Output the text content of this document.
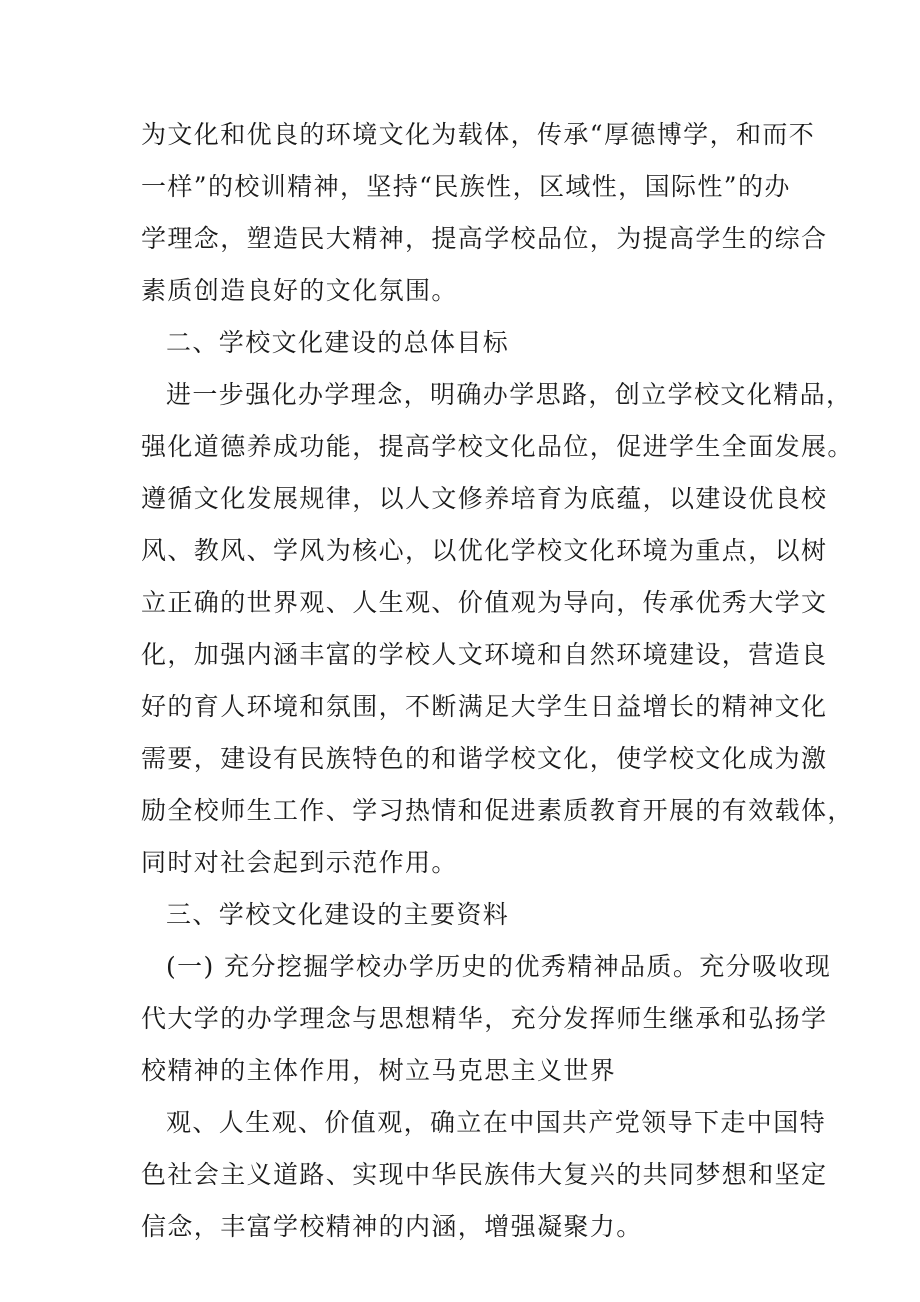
为文化和优良的环境文化为载体，传承“厚德博学，和而不
一样”的校训精神，坚持“民族性，区域性，国际性”的办
学理念，塑造民大精神，提高学校品位，为提高学生的综合
素质创造良好的文化氛围。
二、学校文化建设的总体目标
进一步强化办学理念，明确办学思路，创立学校文化精品，
强化道德养成功能，提高学校文化品位，促进学生全面发展。
遵循文化发展规律，以人文修养培育为底蕴，以建设优良校
风、教风、学风为核心，以优化学校文化环境为重点，以树
立正确的世界观、人生观、价值观为导向，传承优秀大学文
化，加强内涵丰富的学校人文环境和自然环境建设，营造良
好的育人环境和氛围，不断满足大学生日益增长的精神文化
需要，建设有民族特色的和谐学校文化，使学校文化成为激
励全校师生工作、学习热情和促进素质教育开展的有效载体，
同时对社会起到示范作用。
三、学校文化建设的主要资料
(一) 充分挖掘学校办学历史的优秀精神品质。充分吸收现
代大学的办学理念与思想精华，充分发挥师生继承和弘扬学
校精神的主体作用，树立马克思主义世界
观、人生观、价值观，确立在中国共产党领导下走中国特
色社会主义道路、实现中华民族伟大复兴的共同梦想和坚定
信念，丰富学校精神的内涵，增强凝聚力。
